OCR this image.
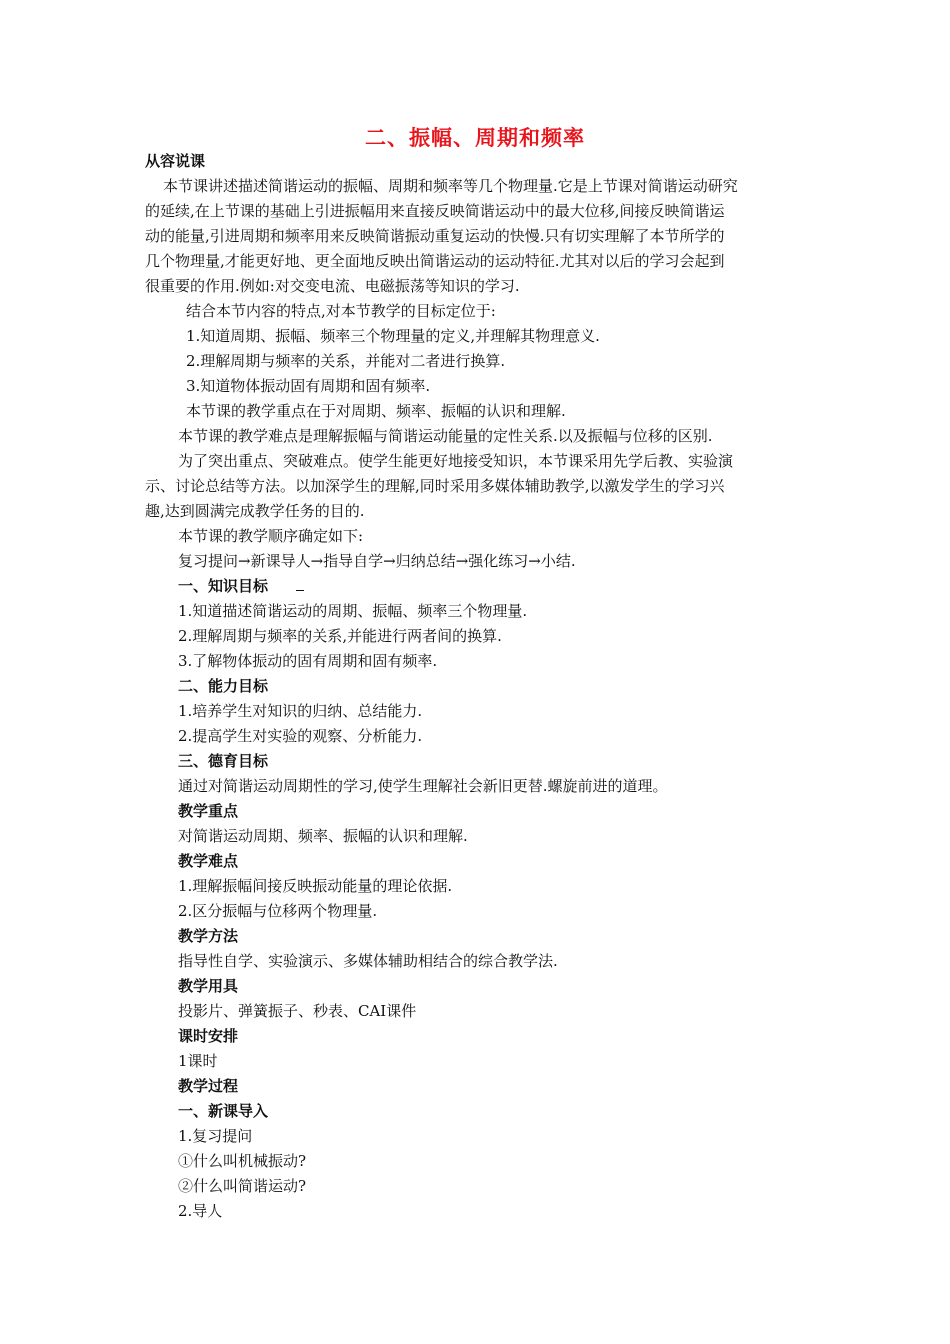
二、振幅、周期和频率
从容说课
本节课讲述描述简谐运动的振幅、周期和频率等几个物理量.它是上节课对简谐运动研究
的延续,在上节课的基础上引进振幅用来直接反映简谐运动中的最大位移,间接反映简谐运
动的能量,引进周期和频率用来反映简谐振动重复运动的快慢.只有切实理解了本节所学的
几个物理量,才能更好地、更全面地反映出简谐运动的运动特征.尤其对以后的学习会起到
很重要的作用.例如:对交变电流、电磁振荡等知识的学习.
结合本节内容的特点,对本节教学的目标定位于:
1.知道周期、振幅、频率三个物理量的定义,并理解其物理意义.
2.理解周期与频率的关系，并能对二者进行换算.
3.知道物体振动固有周期和固有频率.
本节课的教学重点在于对周期、频率、振幅的认识和理解.
本节课的教学难点是理解振幅与简谐运动能量的定性关系.以及振幅与位移的区别.
为了突出重点、突破难点。使学生能更好地接受知识，本节课采用先学后教、实验演
示、讨论总结等方法。以加深学生的理解,同时采用多媒体辅助教学,以激发学生的学习兴
趣,达到圆满完成教学任务的目的.
本节课的教学顺序确定如下:
复习提问→新课导人→指导自学→归纳总结→强化练习→小结.
一、知识目标
1.知道描述简谐运动的周期、振幅、频率三个物理量.
2.理解周期与频率的关系,并能进行两者间的换算.
3.了解物体振动的固有周期和固有频率.
二、能力目标
1.培养学生对知识的归纳、总结能力.
2.提高学生对实验的观察、分析能力.
三、德育目标
通过对简谐运动周期性的学习,使学生理解社会新旧更替.螺旋前进的道理。
教学重点
对简谐运动周期、频率、振幅的认识和理解.
教学难点
1.理解振幅间接反映振动能量的理论依据.
2.区分振幅与位移两个物理量.
教学方法
指导性自学、实验演示、多媒体辅助相结合的综合教学法.
教学用具
投影片、弹簧振子、秒表、CAI课件
课时安排
1课时
教学过程
一、新课导入
1.复习提问
①什么叫机械振动?
②什么叫简谐运动?
2.导人
